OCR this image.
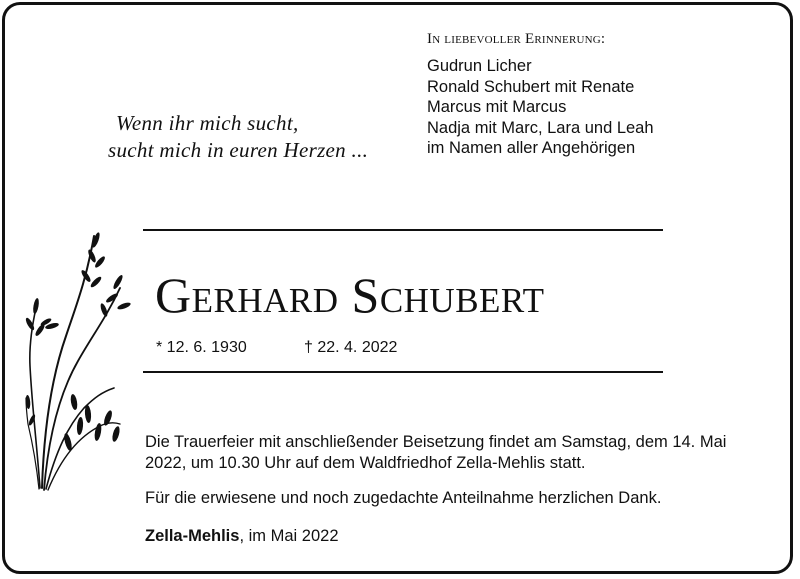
In liebevoller Erinnerung:
Gudrun Licher
Ronald Schubert mit Renate
Marcus mit Marcus
Nadja mit Marc, Lara und Leah
im Namen aller Angehörigen
Wenn ihr mich sucht,
sucht mich in euren Herzen ...
Gerhard Schubert
* 12. 6. 1930	† 22. 4. 2022
Die Trauerfeier mit anschließender Beisetzung findet am Samstag, dem 14. Mai 2022, um 10.30 Uhr auf dem Waldfriedhof Zella-Mehlis statt.
Für die erwiesene und noch zugedachte Anteilnahme herzlichen Dank.
Zella-Mehlis, im Mai 2022
